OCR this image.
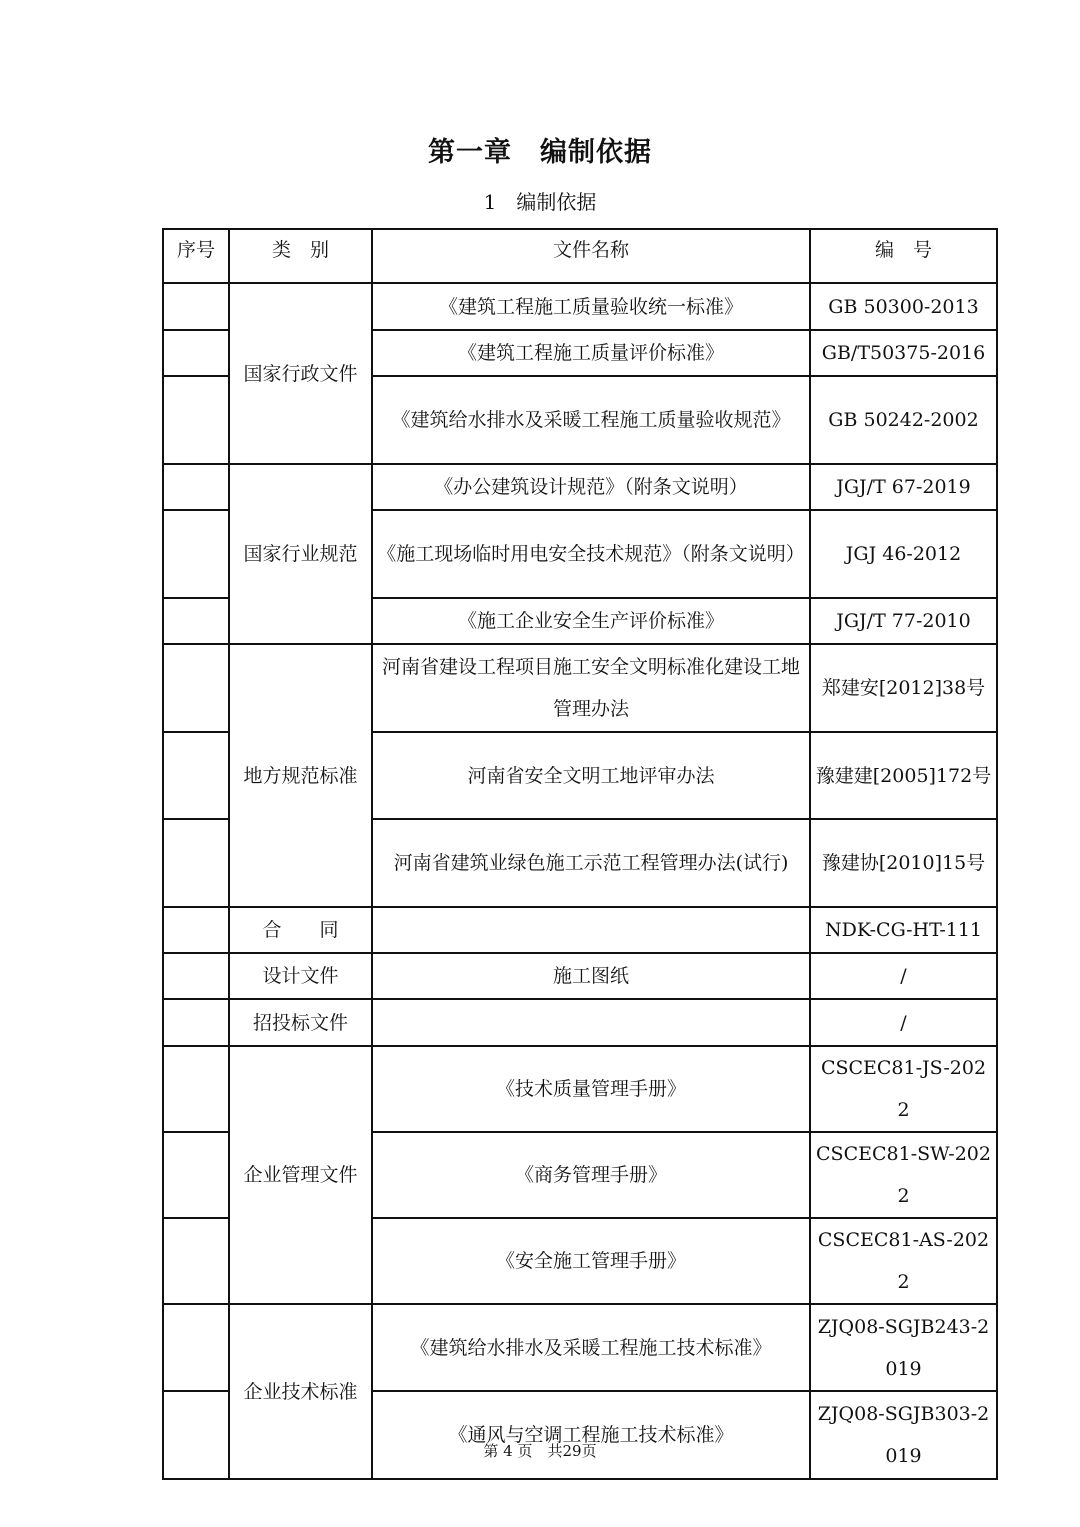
第一章　编制依据
1　编制依据
序号	类　别	文件名称	编　号
	国家行政文件	《建筑工程施工质量验收统一标准》	GB 50300-2013
		《建筑工程施工质量评价标准》	GB/T50375-2016
		《建筑给水排水及采暖工程施工质量验收规范》	GB 50242-2002
	国家行业规范	《办公建筑设计规范》（附条文说明）	JGJ/T 67-2019
		《施工现场临时用电安全技术规范》（附条文说明）	JGJ 46-2012
		《施工企业安全生产评价标准》	JGJ/T 77-2010
	地方规范标准	河南省建设工程项目施工安全文明标准化建设工地管理办法	郑建安[2012]38号
		河南省安全文明工地评审办法	豫建建[2005]172号
		河南省建筑业绿色施工示范工程管理办法(试行)	豫建协[2010]15号
	合　　同		NDK-CG-HT-111
	设计文件	施工图纸	/
	招投标文件		/
	企业管理文件	《技术质量管理手册》	CSCEC81-JS-2022
		《商务管理手册》	CSCEC81-SW-2022
		《安全施工管理手册》	CSCEC81-AS-2022
	企业技术标准	《建筑给水排水及采暖工程施工技术标准》	ZJQ08-SGJB243-2019
		《通风与空调工程施工技术标准》	ZJQ08-SGJB303-2019
第 4 页　共29页
